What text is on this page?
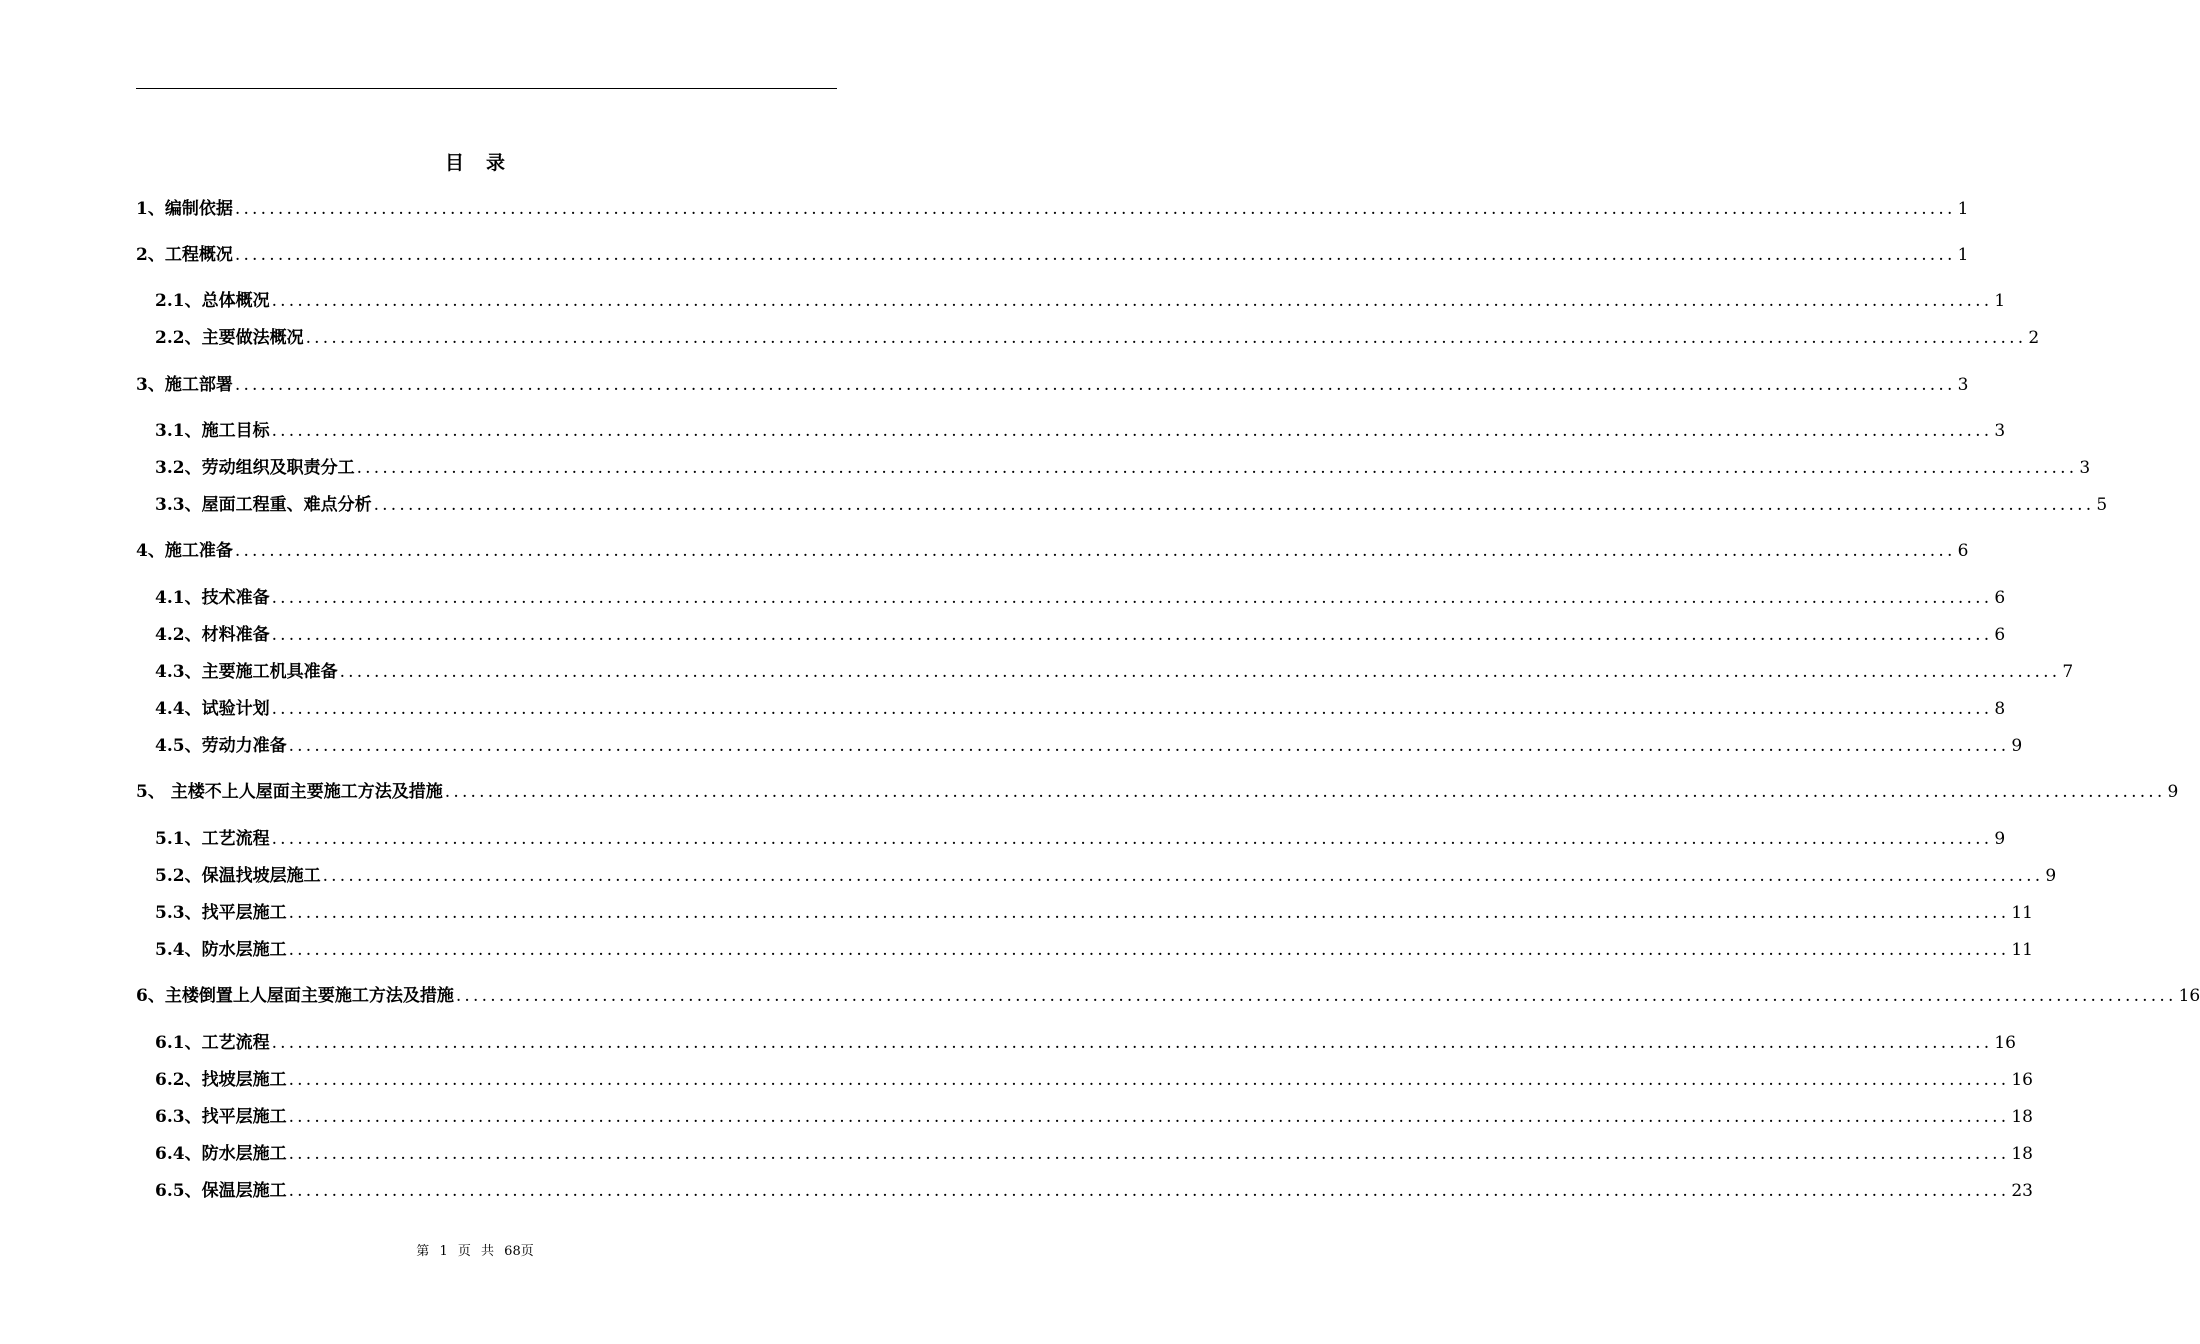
目录
1、编制依据 ........................................................................................................................................................................................................ 1
2、工程概况 ........................................................................................................................................................................................................ 1
2.1、总体概况 ........................................................................................................................................................................................................ 1
2.2、主要做法概况 ........................................................................................................................................................................................................ 2
3、施工部署 ........................................................................................................................................................................................................ 3
3.1、施工目标 ........................................................................................................................................................................................................ 3
3.2、劳动组织及职责分工 ........................................................................................................................................................................................................ 3
3.3、屋面工程重、难点分析 ........................................................................................................................................................................................................ 5
4、施工准备 ........................................................................................................................................................................................................ 6
4.1、技术准备 ........................................................................................................................................................................................................ 6
4.2、材料准备 ........................................................................................................................................................................................................ 6
4.3、主要施工机具准备 ........................................................................................................................................................................................................ 7
4.4、试验计划 ........................................................................................................................................................................................................ 8
4.5、劳动力准备 ........................................................................................................................................................................................................ 9
5、 主楼不上人屋面主要施工方法及措施 ........................................................................................................................................................................................................ 9
5.1、工艺流程 ........................................................................................................................................................................................................ 9
5.2、保温找坡层施工 ........................................................................................................................................................................................................ 9
5.3、找平层施工 ........................................................................................................................................................................................................ 11
5.4、防水层施工 ........................................................................................................................................................................................................ 11
6、主楼倒置上人屋面主要施工方法及措施 ........................................................................................................................................................................................................ 16
6.1、工艺流程 ........................................................................................................................................................................................................ 16
6.2、找坡层施工 ........................................................................................................................................................................................................ 16
6.3、找平层施工 ........................................................................................................................................................................................................ 18
6.4、防水层施工 ........................................................................................................................................................................................................ 18
6.5、保温层施工 ........................................................................................................................................................................................................ 23
第 1 页 共 68页
